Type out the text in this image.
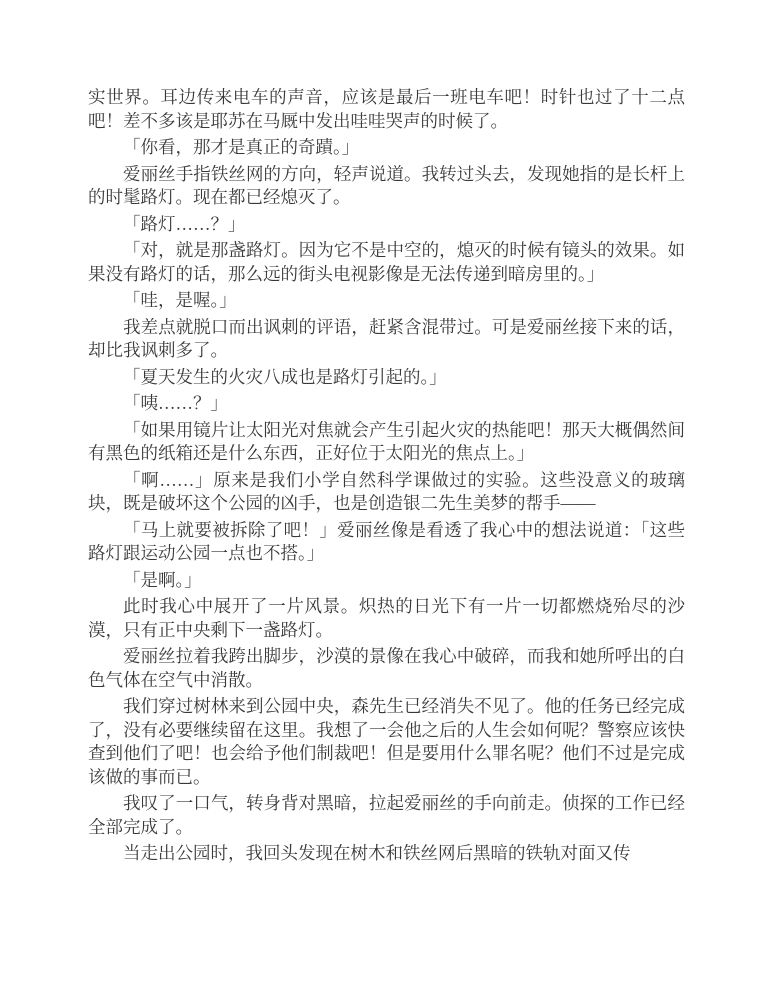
实世界。耳边传来电车的声音，应该是最后一班电车吧！时针也过了十二点吧！差不多该是耶苏在马厩中发出哇哇哭声的时候了。

「你看，那才是真正的奇蹟。」

爱丽丝手指铁丝网的方向，轻声说道。我转过头去，发现她指的是长杆上的时髦路灯。现在都已经熄灭了。

「路灯……？」

「对，就是那盏路灯。因为它不是中空的，熄灭的时候有镜头的效果。如果没有路灯的话，那么远的街头电视影像是无法传递到暗房里的。」

「哇，是喔。」

我差点就脱口而出讽刺的评语，赶紧含混带过。可是爱丽丝接下来的话，却比我讽刺多了。

「夏天发生的火灾八成也是路灯引起的。」

「咦……？」

「如果用镜片让太阳光对焦就会产生引起火灾的热能吧！那天大概偶然间有黑色的纸箱还是什么东西，正好位于太阳光的焦点上。」

「啊……」原来是我们小学自然科学课做过的实验。这些没意义的玻璃块，既是破坏这个公园的凶手，也是创造银二先生美梦的帮手——

「马上就要被拆除了吧！」爱丽丝像是看透了我心中的想法说道：「这些路灯跟运动公园一点也不搭。」

「是啊。」

此时我心中展开了一片风景。炽热的日光下有一片一切都燃烧殆尽的沙漠，只有正中央剩下一盏路灯。

爱丽丝拉着我跨出脚步，沙漠的景像在我心中破碎，而我和她所呼出的白色气体在空气中消散。

我们穿过树林来到公园中央，森先生已经消失不见了。他的任务已经完成了，没有必要继续留在这里。我想了一会他之后的人生会如何呢？警察应该快查到他们了吧！也会给予他们制裁吧！但是要用什么罪名呢？他们不过是完成该做的事而已。

我叹了一口气，转身背对黑暗，拉起爱丽丝的手向前走。侦探的工作已经全部完成了。

当走出公园时，我回头发现在树木和铁丝网后黑暗的铁轨对面又传
